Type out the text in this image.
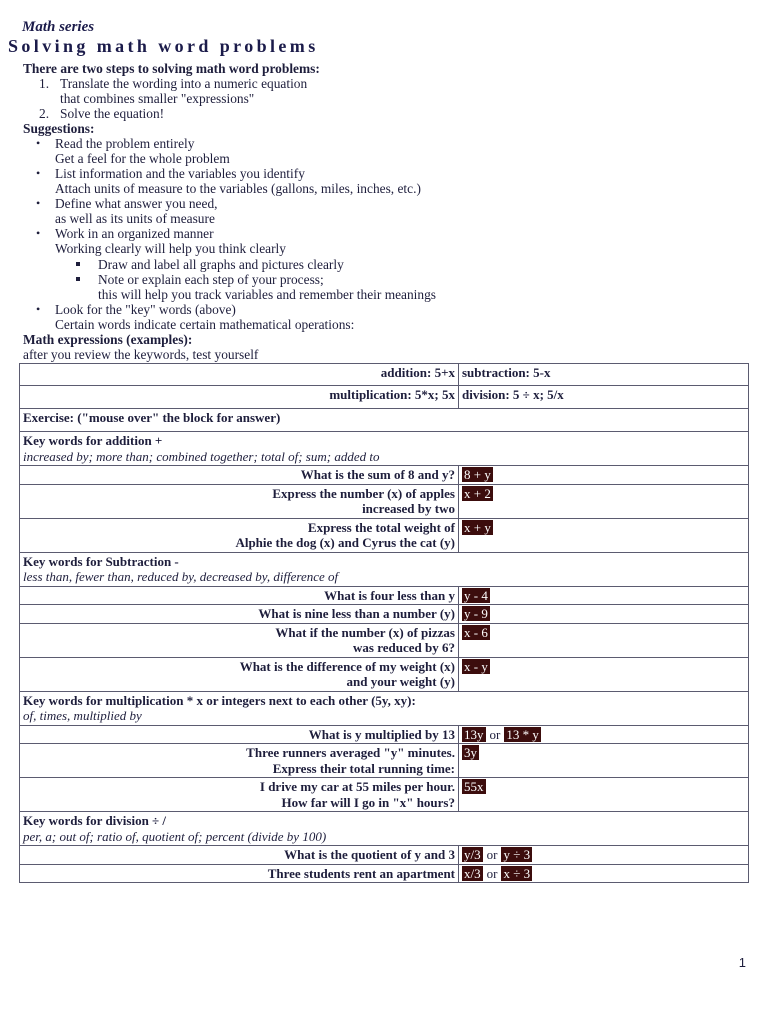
Math series
Solving math word problems
There are two steps to solving math word problems:
1. Translate the wording into a numeric equation
that combines smaller "expressions"
2. Solve the equation!
Suggestions:
• Read the problem entirely
Get a feel for the whole problem
• List information and the variables you identify
Attach units of measure to the variables (gallons, miles, inches, etc.)
• Define what answer you need,
as well as its units of measure
• Work in an organized manner
Working clearly will help you think clearly
Draw and label all graphs and pictures clearly
Note or explain each step of your process;
this will help you track variables and remember their meanings
• Look for the "key" words (above)
Certain words indicate certain mathematical operations:
Math expressions (examples):
after you review the keywords, test yourself
addition: 5+x	subtraction: 5-x
multiplication: 5*x; 5x	division: 5 ÷ x; 5/x
Exercise: ("mouse over" the block for answer)	

Key words for addition +
increased by; more than; combined together; total of; sum; added to	

What is the sum of 8 and y?	8 + y

Express the number (x) of apples
increased by two	x + 2

Express the total weight of
Alphie the dog (x) and Cyrus the cat (y)	x + y

Key words for Subtraction -
less than, fewer than, reduced by, decreased by, difference of	

What is four less than y	y - 4
What is nine less than a number (y)	y - 9

What if the number (x) of pizzas
was reduced by 6?	x - 6

What is the difference of my weight (x)
and your weight (y)	x - y

Key words for multiplication * x or integers next to each other (5y, xy):
of, times, multiplied by	

What is y multiplied by 13	13y or 13 * y

Three runners averaged "y" minutes.
Express their total running time:	3y

I drive my car at 55 miles per hour.
How far will I go in "x" hours?	55x

Key words for division ÷ /
per, a; out of; ratio of, quotient of; percent (divide by 100)	

What is the quotient of y and 3	y/3 or y ÷ 3
Three students rent an apartment	x/3 or x ÷ 3
1
